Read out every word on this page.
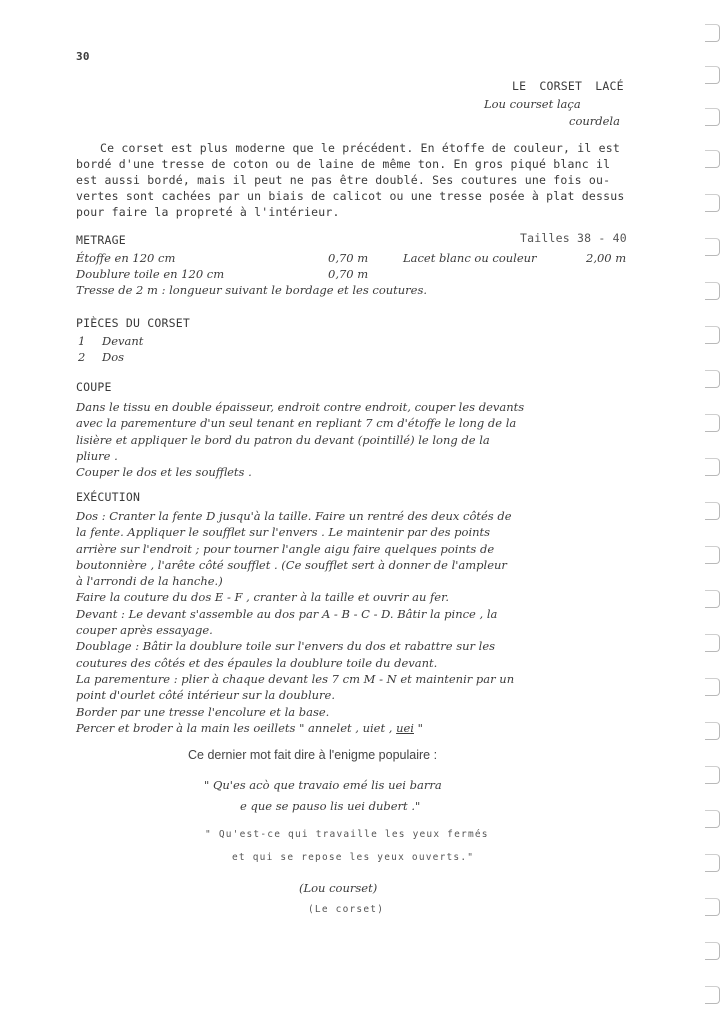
30
LE CORSET LACÉ
Lou courset laça
courdela
Ce corset est plus moderne que le précédent. En étoffe de couleur, il est
bordé d'une tresse de coton ou de laine de même ton. En gros piqué blanc il
est aussi bordé, mais il peut ne pas être doublé. Ses coutures une fois ou-
vertes sont cachées par un biais de calicot ou une tresse posée à plat dessus
pour faire la propreté à l'intérieur.
METRAGE	Tailles 38 - 40
Étoffe en 120 cm	0,70 m	Lacet blanc ou couleur	2,00 m
Doublure toile en 120 cm	0,70 m
Tresse de 2 m : longueur suivant le bordage et les coutures.
PIÈCES DU CORSET
1 Devant
2 Dos
COUPE
Dans le tissu en double épaisseur, endroit contre endroit, couper les devants
avec la parementure d'un seul tenant en repliant 7 cm d'étoffe le long de la
lisière et appliquer le bord du patron du devant (pointillé) le long de la
pliure .
Couper le dos et les soufflets .
EXÉCUTION
Dos : Cranter la fente D jusqu'à la taille. Faire un rentré des deux côtés de
la fente. Appliquer le soufflet sur l'envers . Le maintenir par des points
arrière sur l'endroit ; pour tourner l'angle aigu faire quelques points de
boutonnière , l'arête côté soufflet . (Ce soufflet sert à donner de l'ampleur
à l'arrondi de la hanche.)
Faire la couture du dos E - F , cranter à la taille et ouvrir au fer.
Devant : Le devant s'assemble au dos par A - B - C - D. Bâtir la pince , la
couper après essayage.
Doublage : Bâtir la doublure toile sur l'envers du dos et rabattre sur les
coutures des côtés et des épaules la doublure toile du devant.
La parementure : plier à chaque devant les 7 cm M - N et maintenir par un
point d'ourlet côté intérieur sur la doublure.
Border par une tresse l'encolure et la base.
Percer et broder à la main les oeillets " annelet , uiet , uei "
Ce dernier mot fait dire à l'enigme populaire :
" Qu'es acò que travaio emé lis uei barra
e que se pauso lis uei dubert ."
" Qu'est-ce qui travaille les yeux fermés
et qui se repose les yeux ouverts."
(Lou courset)
(Le corset)
